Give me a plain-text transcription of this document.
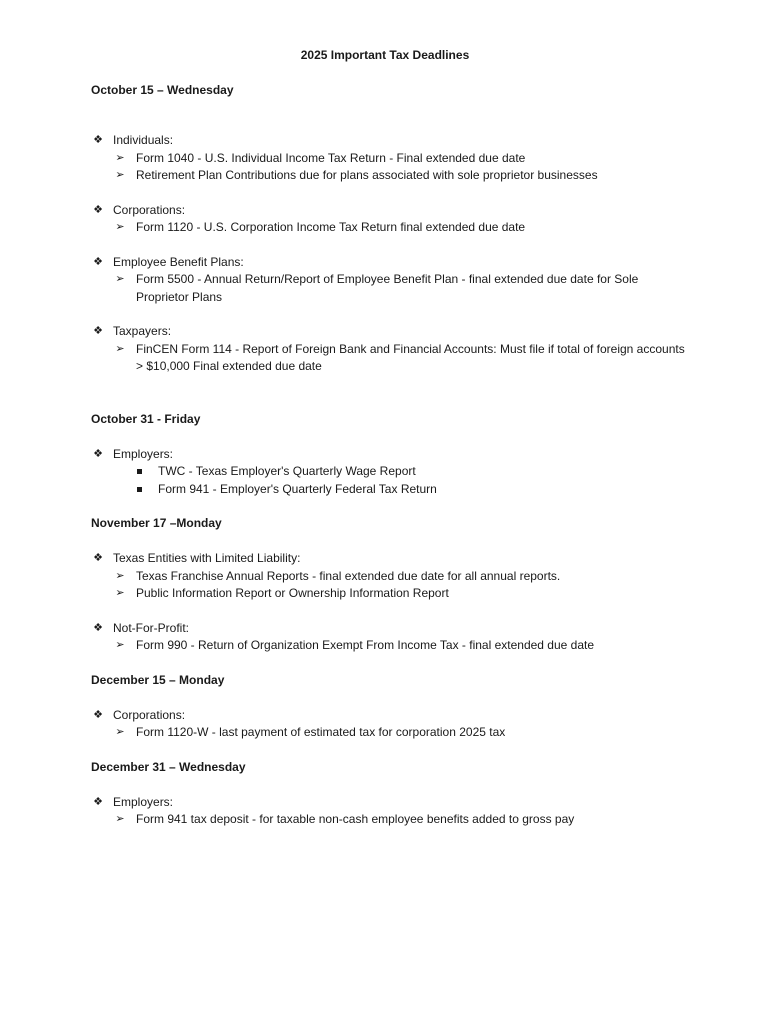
2025 Important Tax Deadlines
October 15 – Wednesday
❖ Individuals:
➢ Form 1040 - U.S. Individual Income Tax Return - Final extended due date
➢ Retirement Plan Contributions due for plans associated with sole proprietor businesses
❖ Corporations:
➢ Form 1120 - U.S. Corporation Income Tax Return final extended due date
❖ Employee Benefit Plans:
➢ Form 5500 - Annual Return/Report of Employee Benefit Plan - final extended due date for Sole Proprietor Plans
❖ Taxpayers:
➢ FinCEN Form 114 - Report of Foreign Bank and Financial Accounts: Must file if total of foreign accounts > $10,000 Final extended due date
October 31 - Friday
❖ Employers:
TWC - Texas Employer's Quarterly Wage Report
Form 941 - Employer's Quarterly Federal Tax Return
November 17 –Monday
❖ Texas Entities with Limited Liability:
➢ Texas Franchise Annual Reports - final extended due date for all annual reports.
➢ Public Information Report or Ownership Information Report
❖ Not-For-Profit:
➢ Form 990 - Return of Organization Exempt From Income Tax - final extended due date
December 15 – Monday
❖ Corporations:
➢ Form 1120-W - last payment of estimated tax for corporation 2025 tax
December 31 – Wednesday
❖ Employers:
➢ Form 941 tax deposit - for taxable non-cash employee benefits added to gross pay
